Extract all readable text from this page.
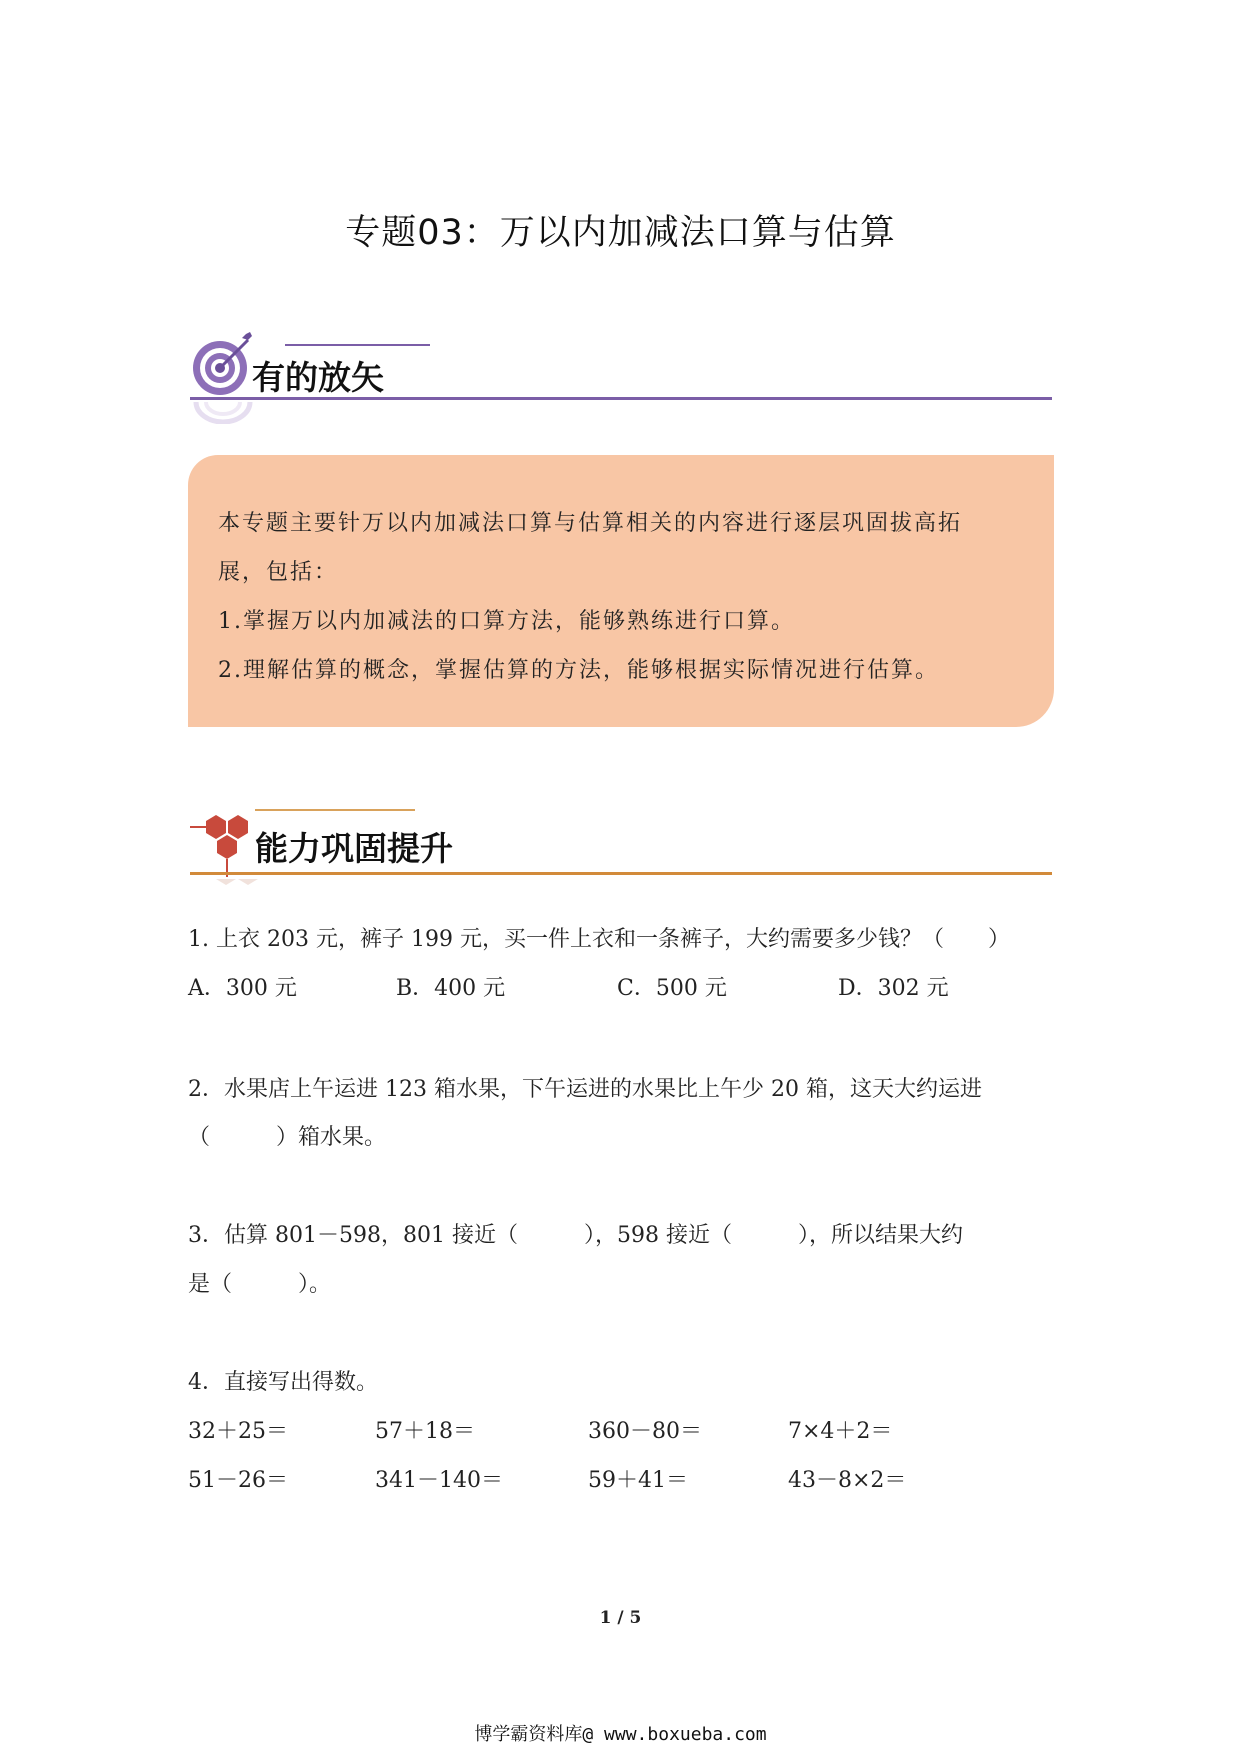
专题03：万以内加减法口算与估算
有的放矢

本专题主要针万以内加减法口算与估算相关的内容进行逐层巩固拔高拓

展，包括：

1.掌握万以内加减法的口算方法，能够熟练进行口算。

2.理解估算的概念，掌握估算的方法，能够根据实际情况进行估算。

能力巩固提升
1. 上衣 203 元，裤子 199 元，买一件上衣和一条裤子，大约需要多少钱？（　　）
A．300 元	B．400 元	C．500 元	D．302 元
2．水果店上午运进 123 箱水果，下午运进的水果比上午少 20 箱，这天大约运进
（　　　）箱水果。
3．估算 801－598，801 接近（　　　），598 接近（　　　），所以结果大约
是（　　　）。
4．直接写出得数。
32＋25＝	57＋18＝	360－80＝	7×4＋2＝
51－26＝	341－140＝	59＋41＝	43－8×2＝
1 / 5
博学霸资料库@ www.boxueba.com
